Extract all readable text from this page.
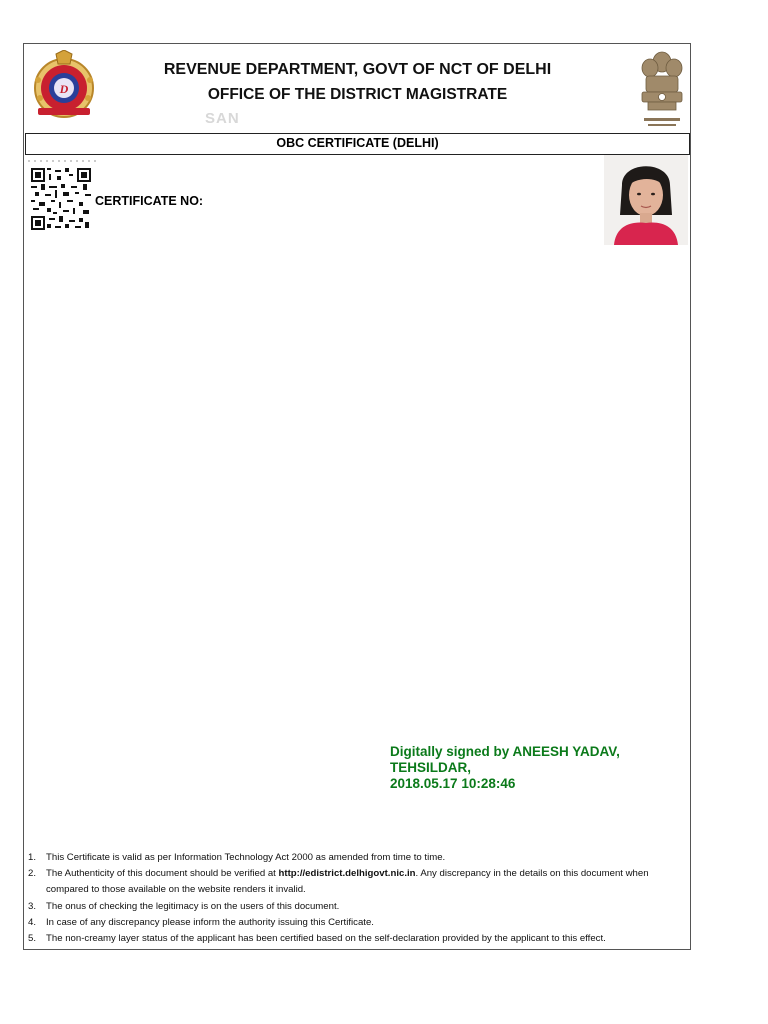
D
REVENUE DEPARTMENT, GOVT OF NCT OF DELHI
OFFICE OF THE DISTRICT MAGISTRATE
SAN
OBC CERTIFICATE (DELHI)
CERTIFICATE NO:
Digitally signed by ANEESH YADAV,
TEHSILDAR,
2018.05.17 10:28:46
1. This Certificate is valid as per Information Technology Act 2000 as amended from time to time.
2. The Authenticity of this document should be verified at http://edistrict.delhigovt.nic.in. Any discrepancy in the details on this document when compared to those available on the website renders it invalid.
3. The onus of checking the legitimacy is on the users of this document.
4. In case of any discrepancy please inform the authority issuing this Certificate.
5. The non-creamy layer status of the applicant has been certified based on the self-declaration provided by the applicant to this effect.
